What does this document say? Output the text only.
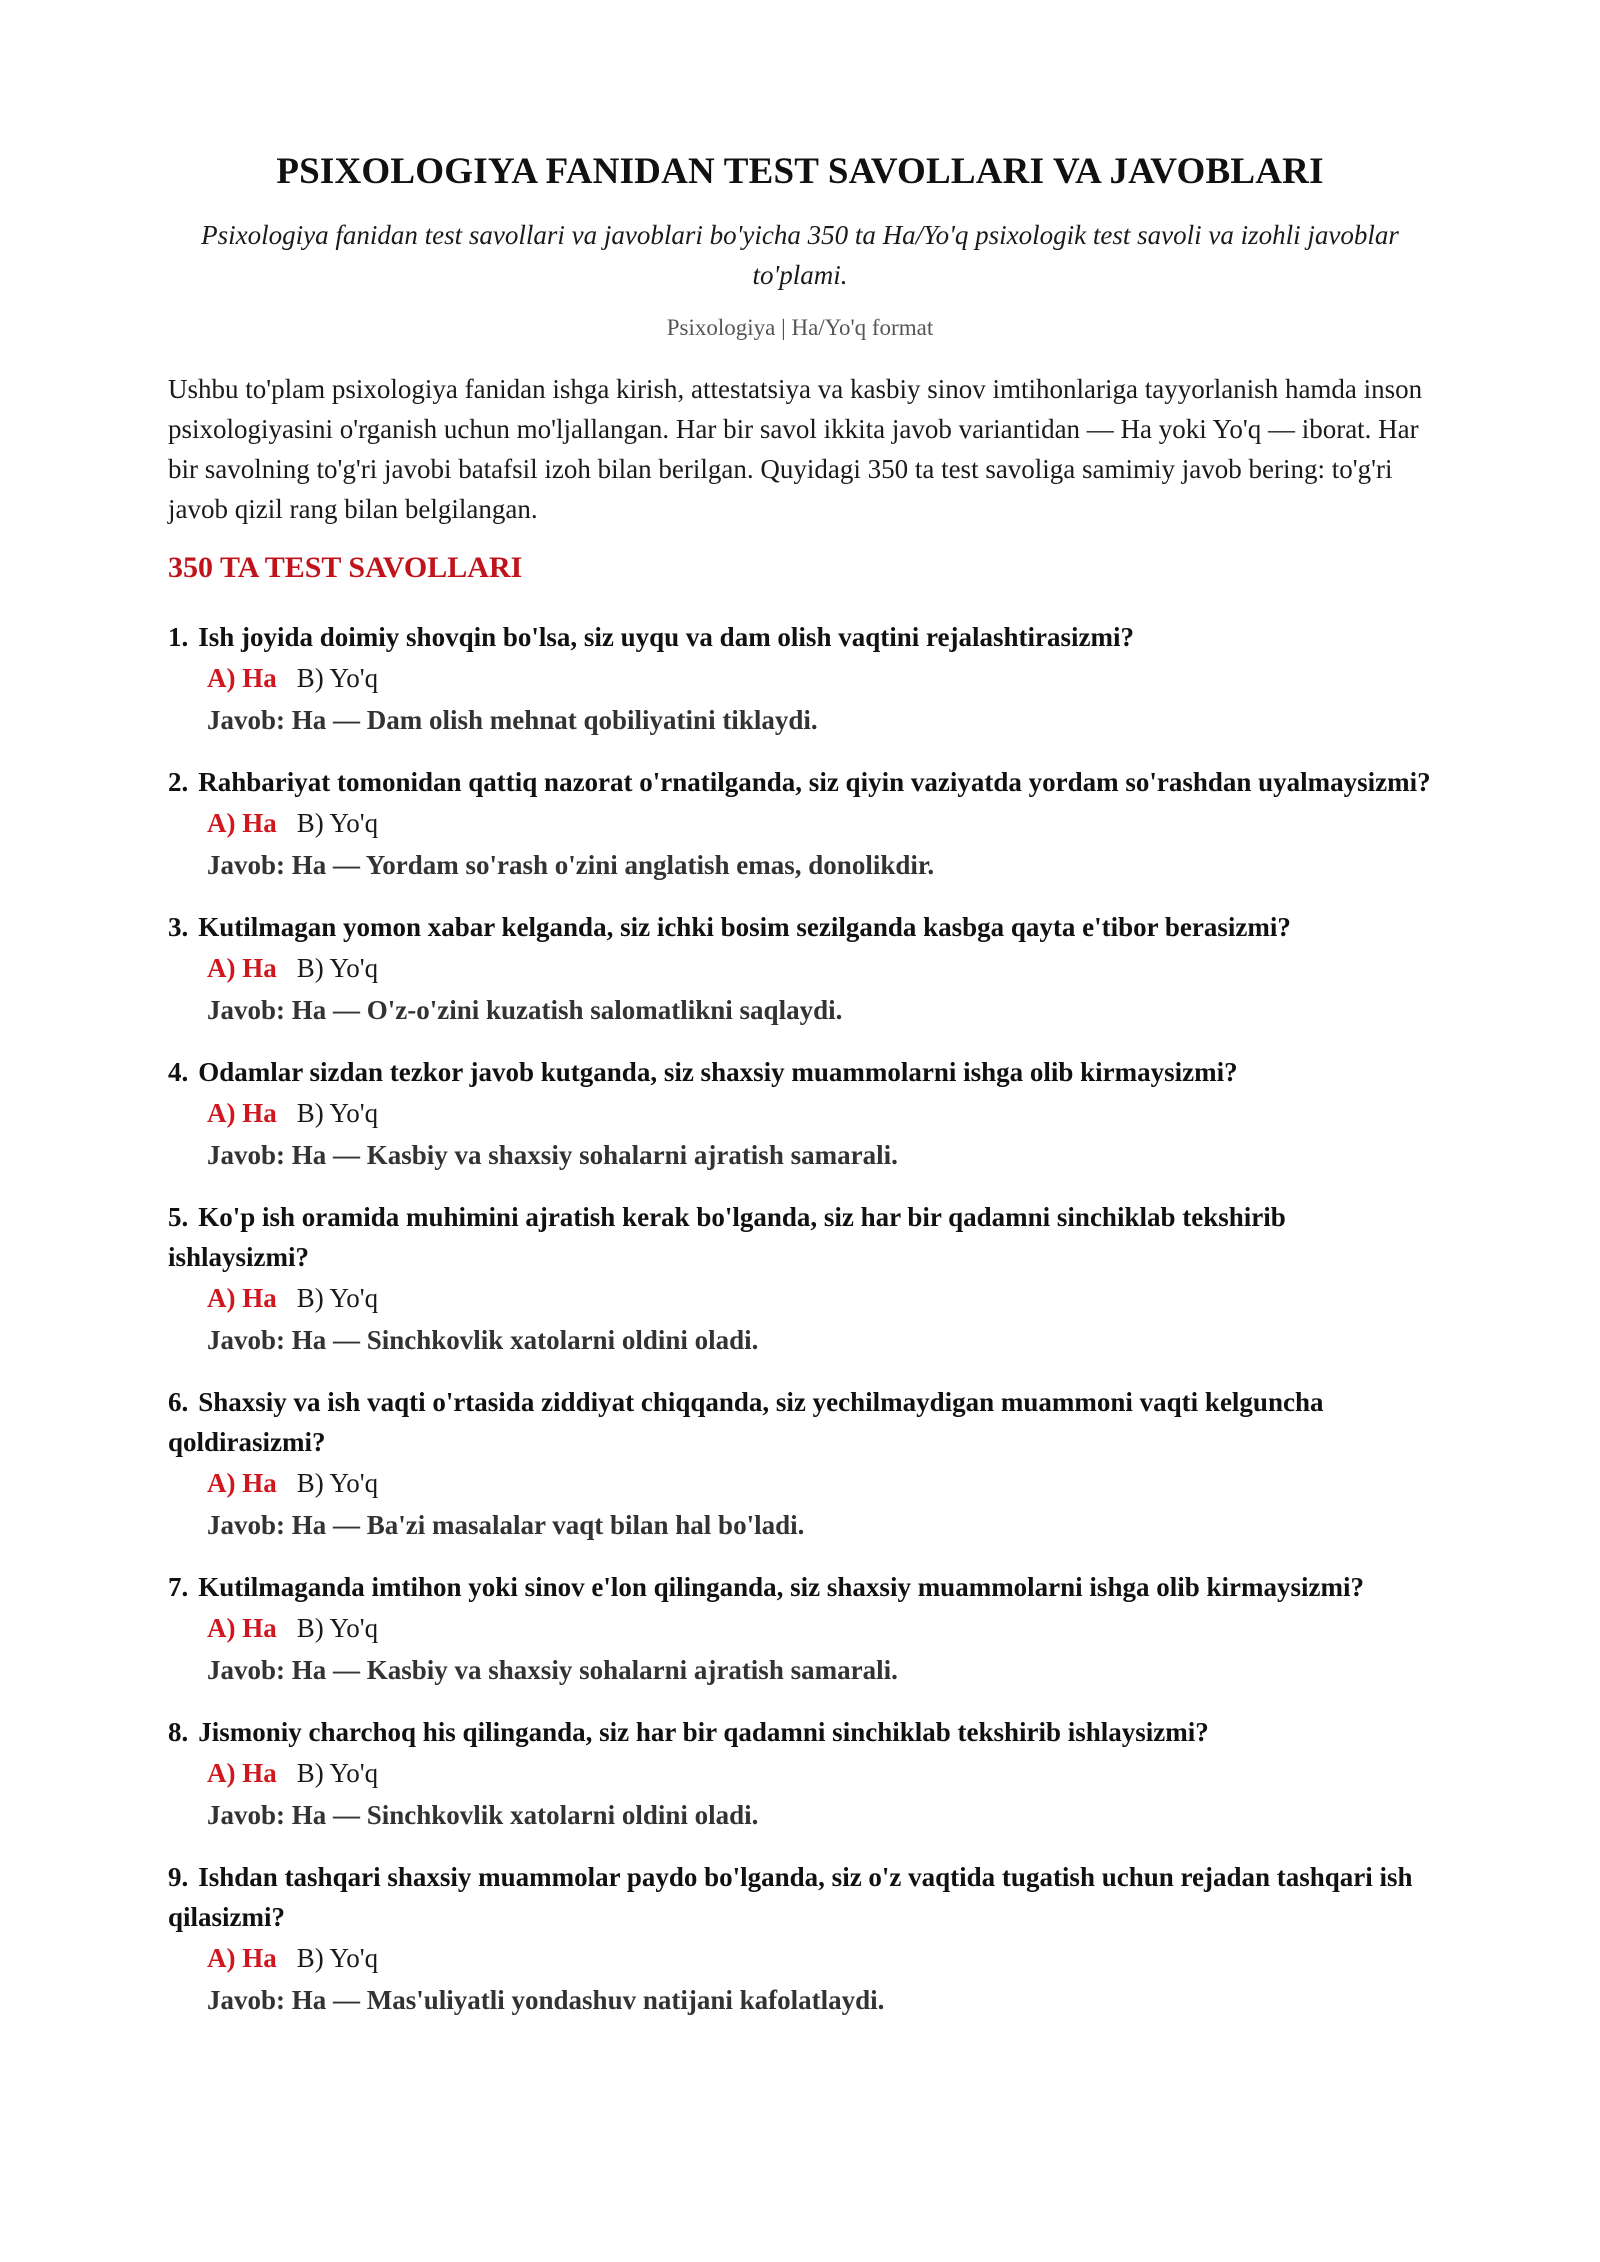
PSIXOLOGIYA FANIDAN TEST SAVOLLARI VA JAVOBLARI

Psixologiya fanidan test savollari va javoblari bo'yicha 350 ta Ha/Yo'q psixologik test savoli va izohli javoblar to'plami.

Psixologiya | Ha/Yo'q format

Ushbu to'plam psixologiya fanidan ishga kirish, attestatsiya va kasbiy sinov imtihonlariga tayyorlanish hamda inson psixologiyasini o'rganish uchun mo'ljallangan. Har bir savol ikkita javob variantidan — Ha yoki Yo'q — iborat. Har bir savolning to'g'ri javobi batafsil izoh bilan berilgan. Quyidagi 350 ta test savoliga samimiy javob bering: to'g'ri javob qizil rang bilan belgilangan.

350 TA TEST SAVOLLARI
1. Ish joyida doimiy shovqin bo'lsa, siz uyqu va dam olish vaqtini rejalashtirasizmi?
A) Ha B) Yo'q
Javob: Ha — Dam olish mehnat qobiliyatini tiklaydi.
2. Rahbariyat tomonidan qattiq nazorat o'rnatilganda, siz qiyin vaziyatda yordam so'rashdan uyalmaysizmi?
A) Ha B) Yo'q
Javob: Ha — Yordam so'rash o'zini anglatish emas, donolikdir.
3. Kutilmagan yomon xabar kelganda, siz ichki bosim sezilganda kasbga qayta e'tibor berasizmi?
A) Ha B) Yo'q
Javob: Ha — O'z-o'zini kuzatish salomatlikni saqlaydi.
4. Odamlar sizdan tezkor javob kutganda, siz shaxsiy muammolarni ishga olib kirmaysizmi?
A) Ha B) Yo'q
Javob: Ha — Kasbiy va shaxsiy sohalarni ajratish samarali.
5. Ko'p ish oramida muhimini ajratish kerak bo'lganda, siz har bir qadamni sinchiklab tekshirib ishlaysizmi?
A) Ha B) Yo'q
Javob: Ha — Sinchkovlik xatolarni oldini oladi.
6. Shaxsiy va ish vaqti o'rtasida ziddiyat chiqqanda, siz yechilmaydigan muammoni vaqti kelguncha qoldirasizmi?
A) Ha B) Yo'q
Javob: Ha — Ba'zi masalalar vaqt bilan hal bo'ladi.
7. Kutilmaganda imtihon yoki sinov e'lon qilinganda, siz shaxsiy muammolarni ishga olib kirmaysizmi?
A) Ha B) Yo'q
Javob: Ha — Kasbiy va shaxsiy sohalarni ajratish samarali.
8. Jismoniy charchoq his qilinganda, siz har bir qadamni sinchiklab tekshirib ishlaysizmi?
A) Ha B) Yo'q
Javob: Ha — Sinchkovlik xatolarni oldini oladi.
9. Ishdan tashqari shaxsiy muammolar paydo bo'lganda, siz o'z vaqtida tugatish uchun rejadan tashqari ish qilasizmi?
A) Ha B) Yo'q
Javob: Ha — Mas'uliyatli yondashuv natijani kafolatlaydi.
